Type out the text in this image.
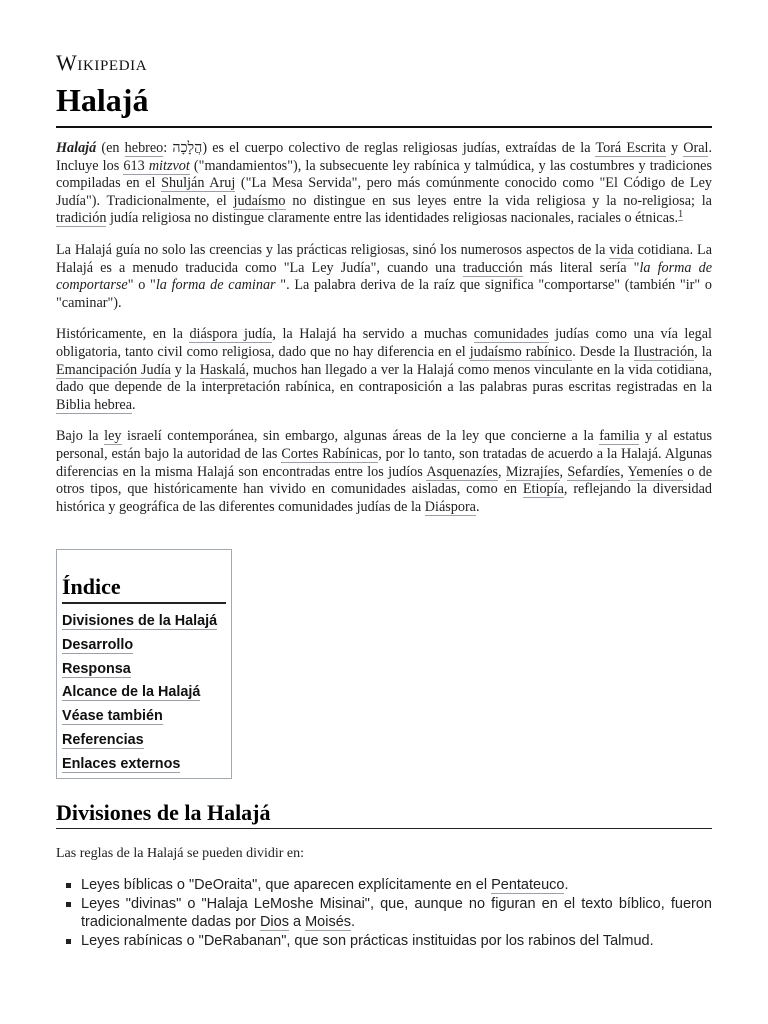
Wikipedia
Halajá

Halajá (en hebreo: הֲלָכָה) es el cuerpo colectivo de reglas religiosas judías, extraídas de la Torá Escrita y Oral. Incluye los 613 mitzvot ("mandamientos"), la subsecuente ley rabínica y talmúdica, y las costumbres y tradiciones compiladas en el Shulján Aruj ("La Mesa Servida", pero más comúnmente conocido como "El Código de Ley Judía"). Tradicionalmente, el judaísmo no distingue en sus leyes entre la vida religiosa y la no-religiosa; la tradición judía religiosa no distingue claramente entre las identidades religiosas nacionales, raciales o étnicas.$^1$

La Halajá guía no solo las creencias y las prácticas religiosas, sinó los numerosos aspectos de la vida cotidiana. La Halajá es a menudo traducida como "La Ley Judía", cuando una traducción más literal sería "la forma de comportarse" o "la forma de caminar ". La palabra deriva de la raíz que significa "comportarse" (también "ir" o "caminar").

Históricamente, en la diáspora judía, la Halajá ha servido a muchas comunidades judías como una vía legal obligatoria, tanto civil como religiosa, dado que no hay diferencia en el judaísmo rabínico. Desde la Ilustración, la Emancipación Judía y la Haskalá, muchos han llegado a ver la Halajá como menos vinculante en la vida cotidiana, dado que depende de la interpretación rabínica, en contraposición a las palabras puras escritas registradas en la Biblia hebrea.

Bajo la ley israelí contemporánea, sin embargo, algunas áreas de la ley que concierne a la familia y al estatus personal, están bajo la autoridad de las Cortes Rabínicas, por lo tanto, son tratadas de acuerdo a la Halajá. Algunas diferencias en la misma Halajá son encontradas entre los judíos Asquenazíes, Mizrajíes, Sefardíes, Yemeníes o de otros tipos, que históricamente han vivido en comunidades aisladas, como en Etiopía, reflejando la diversidad histórica y geográfica de las diferentes comunidades judías de la Diáspora.

Índice
Divisiones de la Halajá
Desarrollo
Responsa
Alcance de la Halajá
Véase también
Referencias
Enlaces externos
Divisiones de la Halajá

Las reglas de la Halajá se pueden dividir en:

Leyes bíblicas o "DeOraita", que aparecen explícitamente en el Pentateuco.
Leyes "divinas" o "Halaja LeMoshe Misinai", que, aunque no figuran en el texto bíblico, fueron tradicionalmente dadas por Dios a Moisés.
Leyes rabínicas o "DeRabanan", que son prácticas instituidas por los rabinos del Talmud.
